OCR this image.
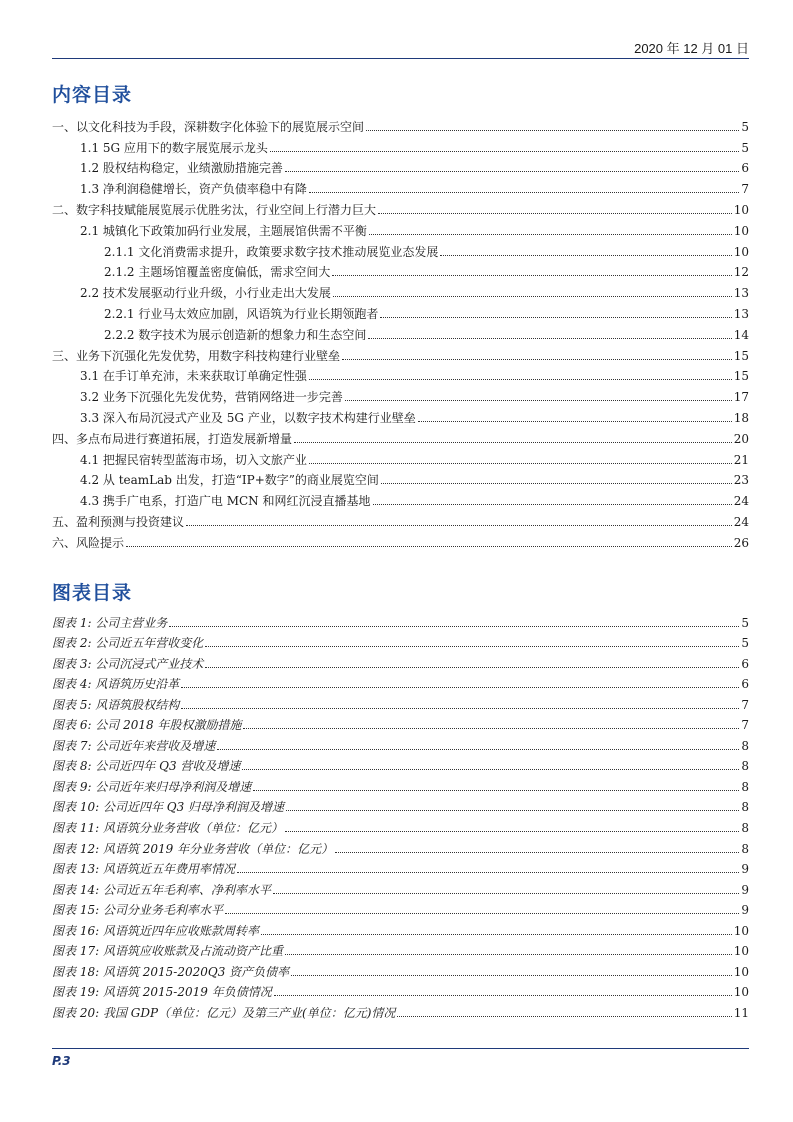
2020 年 12 月 01 日
内容目录
一、以文化科技为手段，深耕数字化体验下的展览展示空间	5
1.1 5G 应用下的数字展览展示龙头	5
1.2 股权结构稳定，业绩激励措施完善	6
1.3 净利润稳健增长，资产负债率稳中有降	7
二、数字科技赋能展览展示优胜劣汰，行业空间上行潜力巨大	10
2.1 城镇化下政策加码行业发展，主题展馆供需不平衡	10
2.1.1 文化消费需求提升，政策要求数字技术推动展览业态发展	10
2.1.2 主题场馆覆盖密度偏低，需求空间大	12
2.2 技术发展驱动行业升级，小行业走出大发展	13
2.2.1 行业马太效应加剧，风语筑为行业长期领跑者	13
2.2.2 数字技术为展示创造新的想象力和生态空间	14
三、业务下沉强化先发优势，用数字科技构建行业壁垒	15
3.1 在手订单充沛，未来获取订单确定性强	15
3.2 业务下沉强化先发优势，营销网络进一步完善	17
3.3 深入布局沉浸式产业及 5G 产业，以数字技术构建行业壁垒	18
四、多点布局进行赛道拓展，打造发展新增量	20
4.1 把握民宿转型蓝海市场，切入文旅产业	21
4.2 从 teamLab 出发，打造“IP+数字”的商业展览空间	23
4.3 携手广电系，打造广电 MCN 和网红沉浸直播基地	24
五、盈利预测与投资建议	24
六、风险提示	26
图表目录
图表 1: 公司主营业务	5
图表 2: 公司近五年营收变化	5
图表 3: 公司沉浸式产业技术	6
图表 4: 风语筑历史沿革	6
图表 5: 风语筑股权结构	7
图表 6: 公司 2018 年股权激励措施	7
图表 7: 公司近年来营收及增速	8
图表 8: 公司近四年 Q3 营收及增速	8
图表 9: 公司近年来归母净利润及增速	8
图表 10: 公司近四年 Q3 归母净利润及增速	8
图表 11: 风语筑分业务营收（单位：亿元）	8
图表 12: 风语筑 2019 年分业务营收（单位：亿元）	8
图表 13: 风语筑近五年费用率情况	9
图表 14: 公司近五年毛利率、净利率水平	9
图表 15: 公司分业务毛利率水平	9
图表 16: 风语筑近四年应收账款周转率	10
图表 17: 风语筑应收账款及占流动资产比重	10
图表 18: 风语筑 2015-2020Q3 资产负债率	10
图表 19: 风语筑 2015-2019 年负债情况	10
图表 20: 我国 GDP（单位：亿元）及第三产业(单位：亿元)情况	11
P.3
